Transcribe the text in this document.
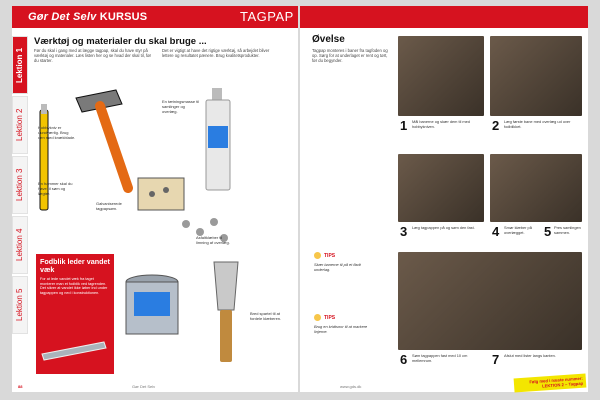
Gør Det Selv KURSUS
Lektion 1
Lektion 2
Lektion 3
Lektion 4
Lektion 5
Værktøj og materialer du skal bruge ...
Før du skal i gang med at lægge tagpap, skal du have styr på værktøj og materialer. Læs listen her og se hvad der skal til, før du starter.
Det er vigtigt at have det rigtige værktøj, så arbejdet bliver lettere og resultatet pænere. Brug kvalitetsprodukter.
Hobbykniv er uundværlig. Brug den med knækblade.
En hammer skal du have til søm og lægter.
En tætningsmasse til samlinger og overlæg.
Galvaniserede tagpapsøm.
Asfaltklæber til limning af overlæg.
Bred spartel til at fordele klæberen.
Fodblik leder vandet væk

For at lede vandet væk fra taget monterer man et fodblik ved tagrenden. Det sikrer at vandet ikke løber ind under tagpappen og ned i konstruktionen.

88	Gør Det Selv
TAGPAP
Øvelse
Tagpap monteres i baner fra tagfoden og op. Sørg for at underlaget er rent og tørt, før du begynder.
TIPS
Skær banerne til på et fladt underlag.
TIPS
Brug en kridtsnor til at markere linjerne.
1 Mål banerne og skær dem til med hobbykniven.	2 Læg første bane med overlæg ud over fodblikket.
3 Læg tagpappen på og søm den fast.	4 Smør klæber på overlægget.	5 Pres samlingen sammen.
6 Søm tagpappen fast med 10 cm mellemrum.	7 Afslut med lister langs kanten.
www.gds.dk
Følg med i næste nummer: LEKTION 2 – Tagpap
